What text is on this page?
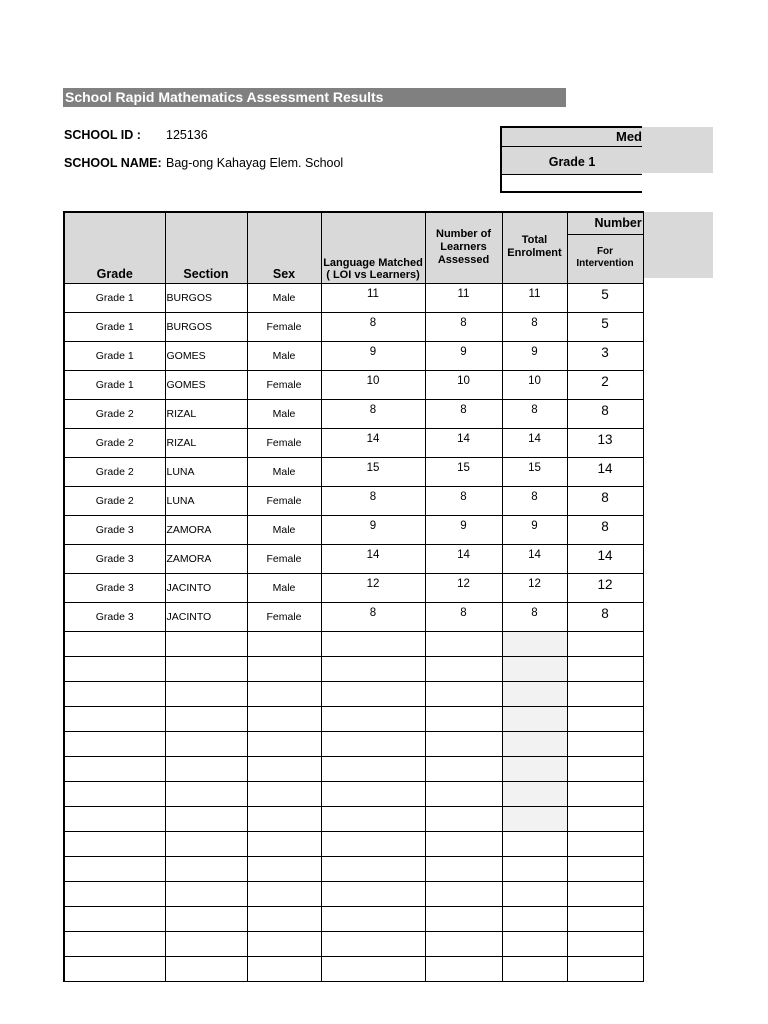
School Rapid Mathematics Assessment Results
SCHOOL ID : 125136
SCHOOL NAME: Bag-ong Kahayag Elem. School
Med
Grade 1
Grade	Section	Sex	Language Matched ( LOI vs Learners)	Number of Learners Assessed	Total Enrolment	Number
						For Intervention
Grade 1	BURGOS	Male	11	11	11	5
Grade 1	BURGOS	Female	8	8	8	5
Grade 1	GOMES	Male	9	9	9	3
Grade 1	GOMES	Female	10	10	10	2
Grade 2	RIZAL	Male	8	8	8	8
Grade 2	RIZAL	Female	14	14	14	13
Grade 2	LUNA	Male	15	15	15	14
Grade 2	LUNA	Female	8	8	8	8
Grade 3	ZAMORA	Male	9	9	9	8
Grade 3	ZAMORA	Female	14	14	14	14
Grade 3	JACINTO	Male	12	12	12	12
Grade 3	JACINTO	Female	8	8	8	8
